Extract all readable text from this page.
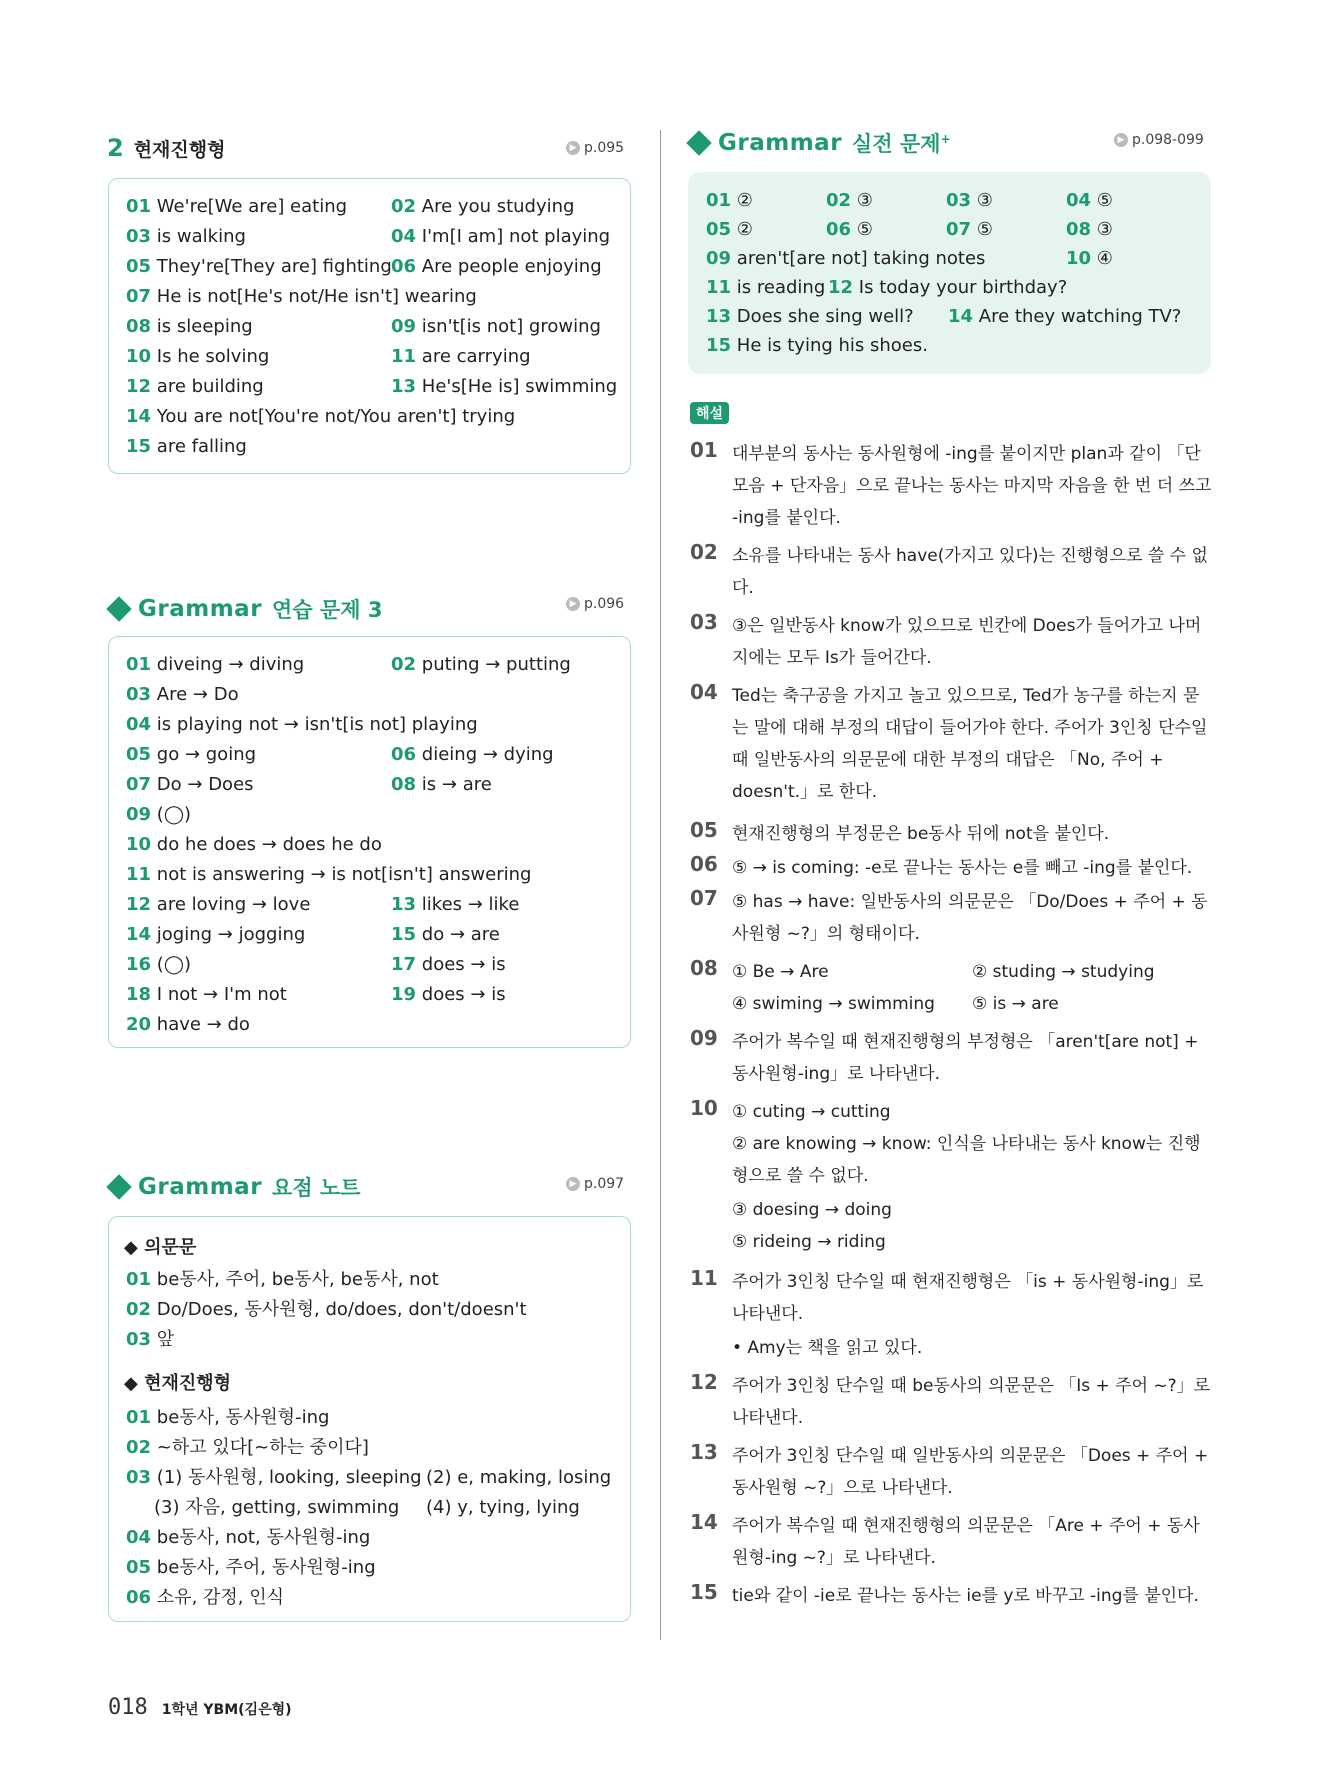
2 현재진행형	▶ p.095
01 We're[We are] eating 02 Are you studying
03 is walking	04 I'm[I am] not playing
05 They're[They are] fighting 06 Are people enjoying
07 He is not[He's not/He isn't] wearing
08 is sleeping	09 isn't[is not] growing
10 Is he solving	11 are carrying
12 are building	13 He's[He is] swimming
14 You are not[You're not/You aren't] trying
15 are falling
Grammar 연습 문제 3	▶ p.096
01 diveing → diving	02 puting → putting
03 Are → Do
04 is playing not → isn't[is not] playing
05 go → going	06 dieing → dying
07 Do → Does	08 is → are
09 (◯)
10 do he does → does he do
11 not is answering → is not[isn't] answering
12 are loving → love	13 likes → like
14 joging → jogging	15 do → are
16 (◯)	17 does → is
18 I not → I'm not	19 does → is
20 have → do
Grammar 요점 노트	▶ p.097
◆ 의문문
01 be동사, 주어, be동사, be동사, not
02 Do/Does, 동사원형, do/does, don't/doesn't
03 앞
◆ 현재진행형
01 be동사, 동사원형-ing
02 ~하고 있다[~하는 중이다]
03 (1) 동사원형, looking, sleeping (2) e, making, losing
(3) 자음, getting, swimming (4) y, tying, lying
04 be동사, not, 동사원형-ing
05 be동사, 주어, 동사원형-ing
06 소유, 감정, 인식
Grammar 실전 문제+	▶ p.098-099
01 ②	02 ③	03 ③	04 ⑤
05 ②	06 ⑤	07 ⑤	08 ③
09 aren't[are not] taking notes	10 ④
11 is reading 12 Is today your birthday?
13 Does she sing well? 14 Are they watching TV?
15 He is tying his shoes.
해설
01 대부분의 동사는 동사원형에 -ing를 붙이지만 plan과 같이 「단모음 + 단자음」으로 끝나는 동사는 마지막 자음을 한 번 더 쓰고 -ing를 붙인다.
02 소유를 나타내는 동사 have(가지고 있다)는 진행형으로 쓸 수 없다.
03 ③은 일반동사 know가 있으므로 빈칸에 Does가 들어가고 나머지에는 모두 Is가 들어간다.
04 Ted는 축구공을 가지고 놀고 있으므로, Ted가 농구를 하는지 묻는 말에 대해 부정의 대답이 들어가야 한다. 주어가 3인칭 단수일 때 일반동사의 의문문에 대한 부정의 대답은 「No, 주어 + doesn't.」로 한다.
05 현재진행형의 부정문은 be동사 뒤에 not을 붙인다.
06 ⑤ → is coming: -e로 끝나는 동사는 e를 빼고 -ing를 붙인다.
07 ⑤ has → have: 일반동사의 의문문은 「Do/Does + 주어 + 동사원형 ~?」의 형태이다.
08 ① Be → Are	② studing → studying
④ swiming → swimming	⑤ is → are
09 주어가 복수일 때 현재진행형의 부정형은 「aren't[are not] + 동사원형-ing」로 나타낸다.
10 ① cuting → cutting
② are knowing → know: 인식을 나타내는 동사 know는 진행형으로 쓸 수 없다.
③ doesing → doing
⑤ rideing → riding
11 주어가 3인칭 단수일 때 현재진행형은 「is + 동사원형-ing」로 나타낸다.
• Amy는 책을 읽고 있다.
12 주어가 3인칭 단수일 때 be동사의 의문문은 「Is + 주어 ~?」로 나타낸다.
13 주어가 3인칭 단수일 때 일반동사의 의문문은 「Does + 주어 + 동사원형 ~?」으로 나타낸다.
14 주어가 복수일 때 현재진행형의 의문문은 「Are + 주어 + 동사원형-ing ~?」로 나타낸다.
15 tie와 같이 -ie로 끝나는 동사는 ie를 y로 바꾸고 -ing를 붙인다.
018 1학년 YBM(김은형)
